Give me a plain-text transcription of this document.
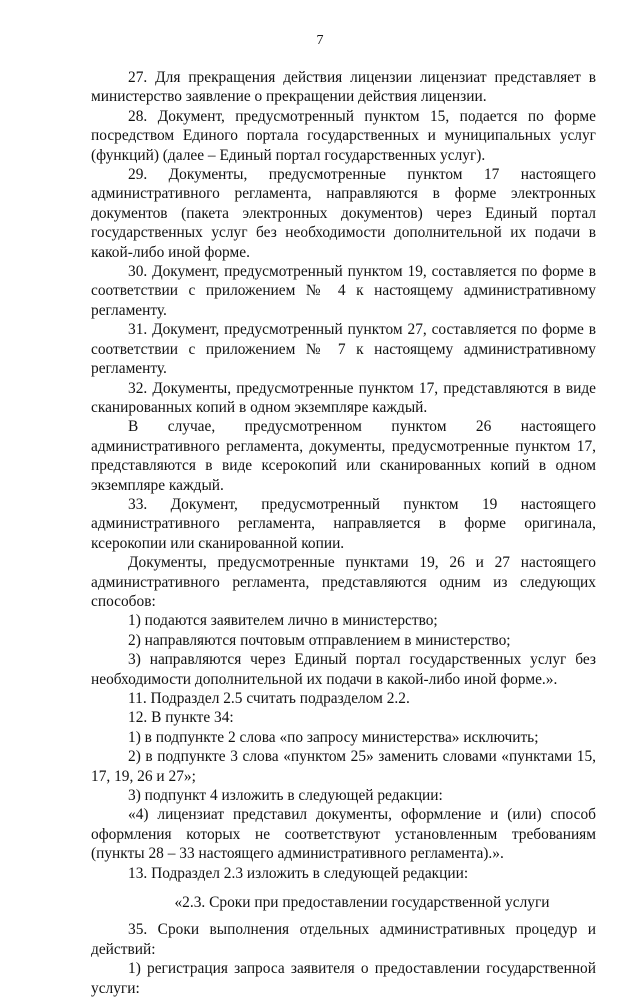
7

27. Для прекращения действия лицензии лицензиат представляет в министерство заявление о прекращении действия лицензии.

28. Документ, предусмотренный пунктом 15, подается по форме посредством Единого портала государственных и муниципальных услуг (функций) (далее – Единый портал государственных услуг).

29. Документы, предусмотренные пунктом 17 настоящего административного регламента, направляются в форме электронных документов (пакета электронных документов) через Единый портал государственных услуг без необходимости дополнительной их подачи в какой-либо иной форме.

30. Документ, предусмотренный пунктом 19, составляется по форме в соответствии с приложением № 4 к настоящему административному регламенту.

31. Документ, предусмотренный пунктом 27, составляется по форме в соответствии с приложением № 7 к настоящему административному регламенту.

32. Документы, предусмотренные пунктом 17, представляются в виде сканированных копий в одном экземпляре каждый.

В случае, предусмотренном пунктом 26 настоящего административного регламента, документы, предусмотренные пунктом 17, представляются в виде ксерокопий или сканированных копий в одном экземпляре каждый.

33. Документ, предусмотренный пунктом 19 настоящего административного регламента, направляется в форме оригинала, ксерокопии или сканированной копии.

Документы, предусмотренные пунктами 19, 26 и 27 настоящего административного регламента, представляются одним из следующих способов:

1) подаются заявителем лично в министерство;

2) направляются почтовым отправлением в министерство;

3) направляются через Единый портал государственных услуг без необходимости дополнительной их подачи в какой-либо иной форме.».

11. Подраздел 2.5 считать подразделом 2.2.

12. В пункте 34:

1) в подпункте 2 слова «по запросу министерства» исключить;

2) в подпункте 3 слова «пунктом 25» заменить словами «пунктами 15, 17, 19, 26 и 27»;

3) подпункт 4 изложить в следующей редакции:

«4) лицензиат представил документы, оформление и (или) способ оформления которых не соответствуют установленным требованиям (пункты 28 – 33 настоящего административного регламента).».

13. Подраздел 2.3 изложить в следующей редакции:

«2.3. Сроки при предоставлении государственной услуги

35. Сроки выполнения отдельных административных процедур и действий:

1) регистрация запроса заявителя о предоставлении государственной услуги:
